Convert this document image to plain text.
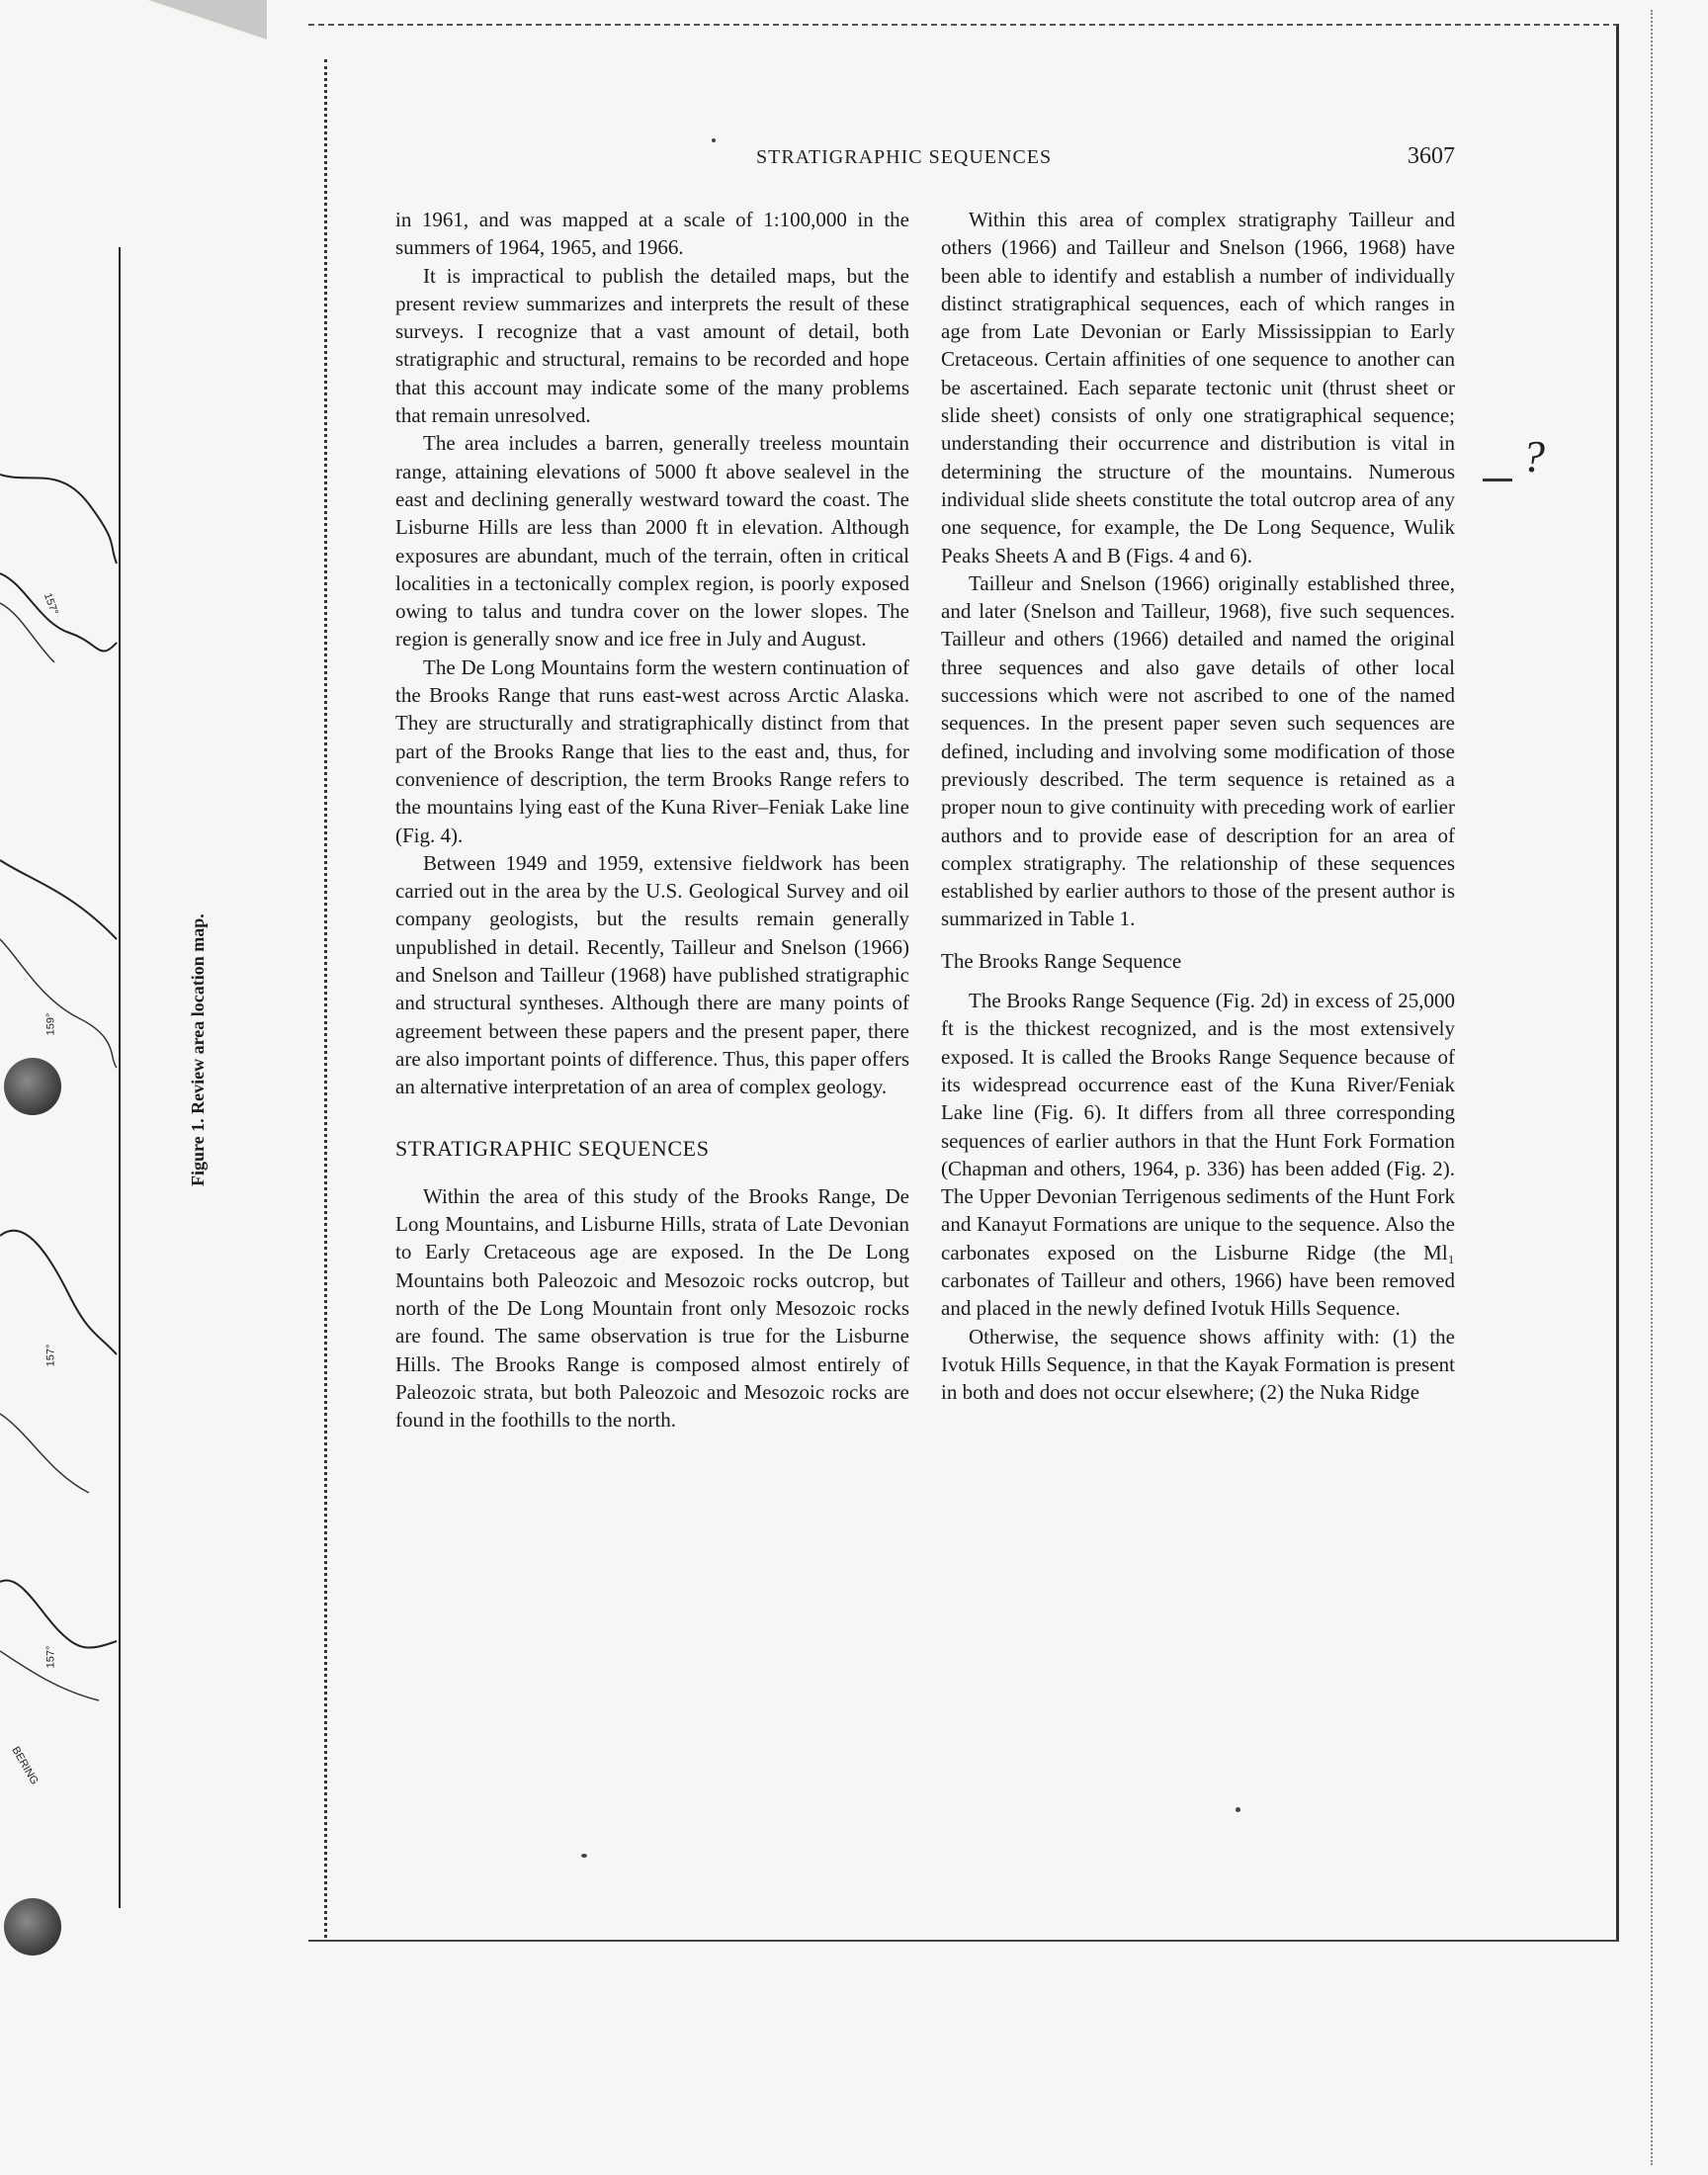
157°
159°
157°
157°
BERING
Figure 1. Review area location map.
STRATIGRAPHIC SEQUENCES	3607
?

in 1961, and was mapped at a scale of 1:100,000 in the summers of 1964, 1965, and 1966.

It is impractical to publish the detailed maps, but the present review summarizes and interprets the result of these surveys. I recognize that a vast amount of detail, both stratigraphic and structural, remains to be recorded and hope that this account may indicate some of the many problems that remain unresolved.

The area includes a barren, generally treeless mountain range, attaining elevations of 5000 ft above sealevel in the east and declining generally westward toward the coast. The Lisburne Hills are less than 2000 ft in elevation. Although exposures are abundant, much of the terrain, often in critical localities in a tectonically complex region, is poorly exposed owing to talus and tundra cover on the lower slopes. The region is generally snow and ice free in July and August.

The De Long Mountains form the western continuation of the Brooks Range that runs east-west across Arctic Alaska. They are structurally and stratigraphically distinct from that part of the Brooks Range that lies to the east and, thus, for convenience of description, the term Brooks Range refers to the mountains lying east of the Kuna River–Feniak Lake line (Fig. 4).

Between 1949 and 1959, extensive fieldwork has been carried out in the area by the U.S. Geological Survey and oil company geologists, but the results remain generally unpublished in detail. Recently, Tailleur and Snelson (1966) and Snelson and Tailleur (1968) have published stratigraphic and structural syntheses. Although there are many points of agreement between these papers and the present paper, there are also important points of difference. Thus, this paper offers an alternative interpretation of an area of complex geology.

STRATIGRAPHIC SEQUENCES

Within the area of this study of the Brooks Range, De Long Mountains, and Lisburne Hills, strata of Late Devonian to Early Cretaceous age are exposed. In the De Long Mountains both Paleozoic and Mesozoic rocks outcrop, but north of the De Long Mountain front only Mesozoic rocks are found. The same observation is true for the Lisburne Hills. The Brooks Range is composed almost entirely of Paleozoic strata, but both Paleozoic and Mesozoic rocks are found in the foothills to the north.

Within this area of complex stratigraphy Tailleur and others (1966) and Tailleur and Snelson (1966, 1968) have been able to identify and establish a number of individually distinct stratigraphical sequences, each of which ranges in age from Late Devonian or Early Mississippian to Early Cretaceous. Certain affinities of one sequence to another can be ascertained. Each separate tectonic unit (thrust sheet or slide sheet) consists of only one stratigraphical sequence; understanding their occurrence and distribution is vital in determining the structure of the mountains. Numerous individual slide sheets constitute the total outcrop area of any one sequence, for example, the De Long Sequence, Wulik Peaks Sheets A and B (Figs. 4 and 6).

Tailleur and Snelson (1966) originally established three, and later (Snelson and Tailleur, 1968), five such sequences. Tailleur and others (1966) detailed and named the original three sequences and also gave details of other local successions which were not ascribed to one of the named sequences. In the present paper seven such sequences are defined, including and involving some modification of those previously described. The term sequence is retained as a proper noun to give continuity with preceding work of earlier authors and to provide ease of description for an area of complex stratigraphy. The relationship of these sequences established by earlier authors to those of the present author is summarized in Table 1.

The Brooks Range Sequence

The Brooks Range Sequence (Fig. 2d) in excess of 25,000 ft is the thickest recognized, and is the most extensively exposed. It is called the Brooks Range Sequence because of its widespread occurrence east of the Kuna River/Feniak Lake line (Fig. 6). It differs from all three corresponding sequences of earlier authors in that the Hunt Fork Formation (Chapman and others, 1964, p. 336) has been added (Fig. 2). The Upper Devonian Terrigenous sediments of the Hunt Fork and Kanayut Formations are unique to the sequence. Also the carbonates exposed on the Lisburne Ridge (the Ml₁ carbonates of Tailleur and others, 1966) have been removed and placed in the newly defined Ivotuk Hills Sequence.

Otherwise, the sequence shows affinity with: (1) the Ivotuk Hills Sequence, in that the Kayak Formation is present in both and does not occur elsewhere; (2) the Nuka Ridge
